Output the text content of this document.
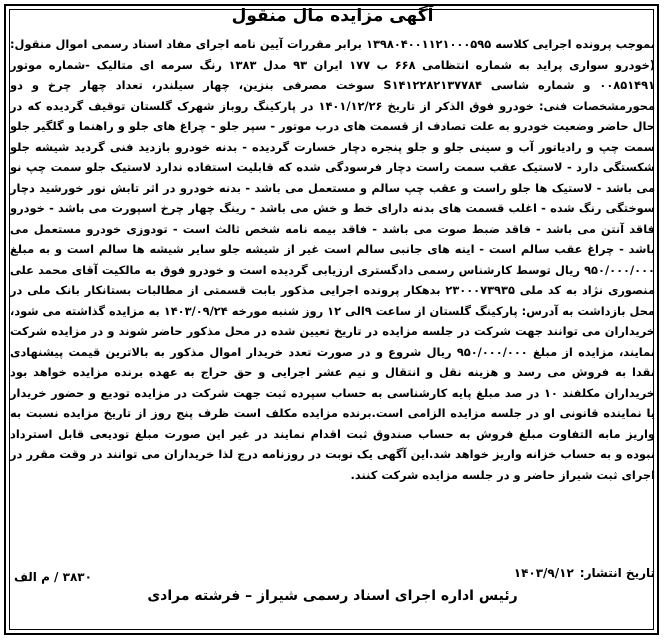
آگهی مزایده مال منقول
بموجب پرونده اجرایی کلاسه ۱۳۹۸۰۴۰۰۱۱۲۱۰۰۰۵۹۵ برابر مقررات آیین نامه اجرای مفاد اسناد رسمی اموال منقول: (خودرو سواری پراید به شماره انتظامی ۶۶۸ ب ۱۷۷ ایران ۹۳ مدل ۱۳۸۳ رنگ سرمه ای متالیک -شماره موتور ۰۰۸۵۱۴۹۱ و شماره شاسی S۱۴۱۲۲۸۲۱۳۷۷۸۴ سوخت مصرفی بنزین، چهار سیلندر، تعداد چهار چرخ و دو محورمشخصات فنی: خودرو فوق الذکر از تاریخ ۱۴۰۱/۱۲/۲۶ در پارکینگ روباز شهرک گلستان توقیف گردیده که در حال حاضر وضعیت خودرو به علت تصادف از قسمت های درب موتور - سپر جلو - چراغ های جلو و راهنما و گلگیر جلو سمت چپ و رادیاتور آب و سینی جلو و جلو پنجره دچار خسارت گردیده - بدنه خودرو بازدید فنی گردید شیشه جلو شکستگی دارد - لاستیک عقب سمت راست دچار فرسودگی شده که قابلیت استفاده ندارد لاستیک جلو سمت چپ نو می باشد - لاستیک ها جلو راست و عقب چپ سالم و مستعمل می باشد - بدنه خودرو در اثر تابش نور خورشید دچار سوختگی رنگ شده - اغلب قسمت های بدنه دارای خط و خش می باشد - رینگ چهار چرخ اسپورت می باشد - خودرو فاقد آنتن می باشد - فاقد ضبط صوت می باشد - فاقد بیمه نامه شخص ثالث است - تودوزی خودرو مستعمل می باشد - چراغ عقب سالم است - اینه های جانبی سالم است غیر از شیشه جلو سایر شیشه ها سالم است و به مبلغ ۹۵۰/۰۰۰/۰۰۰ ریال توسط کارشناس رسمی دادگستری ارزیابی گردیده است و خودرو فوق به مالکیت آقای محمد علی منصوری نژاد به کد ملی ۲۳۰۰۰۷۳۹۳۵ بدهکار پرونده اجرایی مذکور بابت قسمتی از مطالبات بستانکار بانک ملی در محل بازداشت به آدرس: پارکینگ گلستان از ساعت ۹الی ۱۲ روز شنبه مورخه ۱۴۰۳/۰۹/۲۴ به مزایده گذاشته می شود، خریداران می توانند جهت شرکت در جلسه مزایده در تاریخ تعیین شده در محل مذکور حاضر شوند و در مزایده شرکت نمایند، مزایده از مبلغ ۹۵۰/۰۰۰/۰۰۰ ریال شروع و در صورت تعدد خریدار اموال مذکور به بالاترین قیمت پیشنهادی نقدا به فروش می رسد و هزینه نقل و انتقال و نیم عشر اجرایی و حق حراج به عهده برنده مزایده خواهد بود خریداران مکلفند ۱۰ در صد مبلغ پایه کارشناسی به حساب سپرده ثبت جهت شرکت در مزایده تودیع و حضور خریدار یا نماینده قانونی او در جلسه مزایده الزامی است.برنده مزایده مکلف است ظرف پنج روز از تاریخ مزایده نسبت به واریز مابه التفاوت مبلغ فروش به حساب صندوق ثبت اقدام نمایند در غیر این صورت مبلغ تودیعی قابل استرداد نبوده و به حساب خزانه واریز خواهد شد.این آگهی یک نوبت در روزنامه درج لذا خریداران می توانند در وقت مقرر در اجرای ثبت شیراز حاضر و در جلسه مزایده شرکت کنند.
تاریخ انتشار:
۱۴۰۳/۹/۱۲
رئیس اداره اجرای اسناد رسمی شیراز – فرشته مرادی
۳۸۳۰ / م الف
